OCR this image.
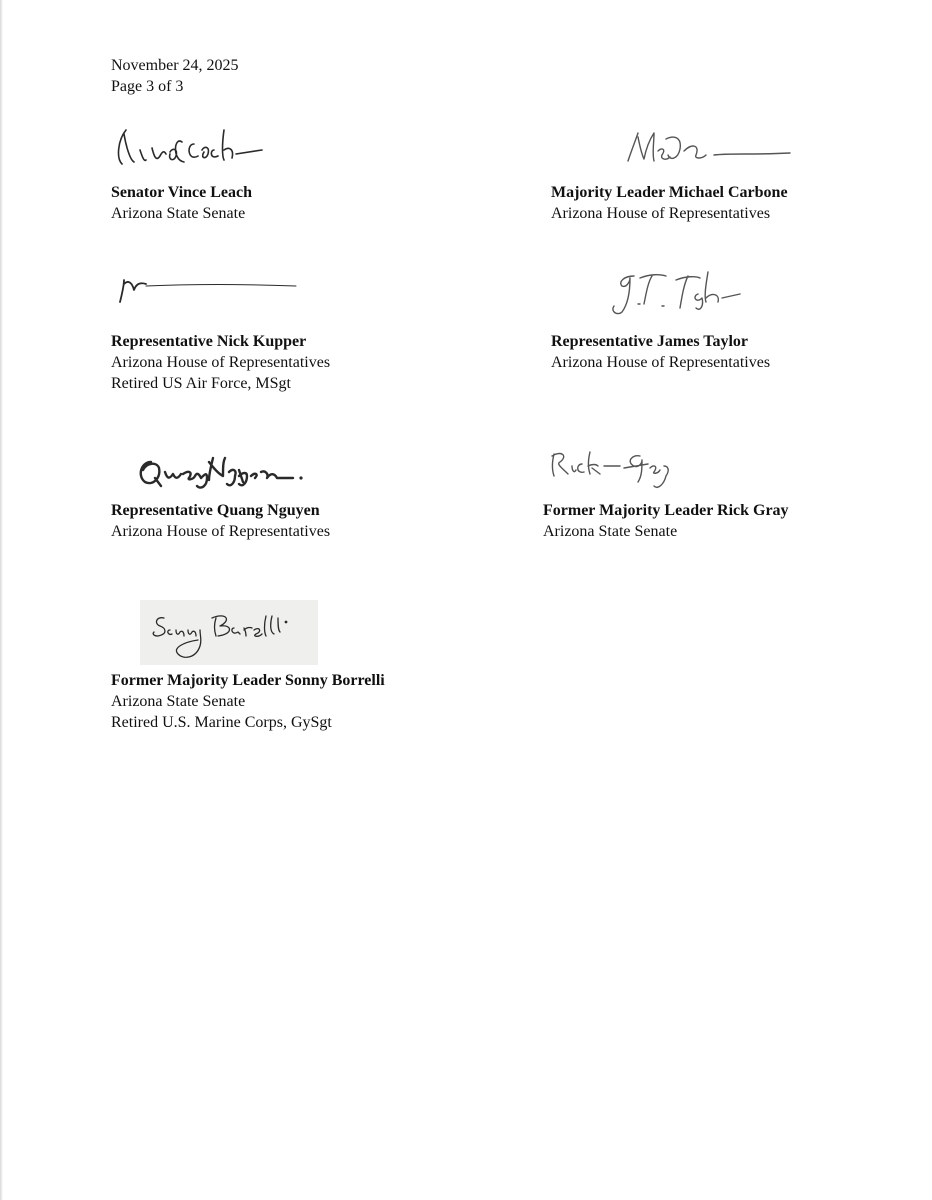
November 24, 2025
Page 3 of 3
Senator Vince Leach
Arizona State Senate
Majority Leader Michael Carbone
Arizona House of Representatives
Representative Nick Kupper
Arizona House of Representatives
Retired US Air Force, MSgt
Representative James Taylor
Arizona House of Representatives
Representative Quang Nguyen
Arizona House of Representatives
Former Majority Leader Rick Gray
Arizona State Senate
Former Majority Leader Sonny Borrelli
Arizona State Senate
Retired U.S. Marine Corps, GySgt
